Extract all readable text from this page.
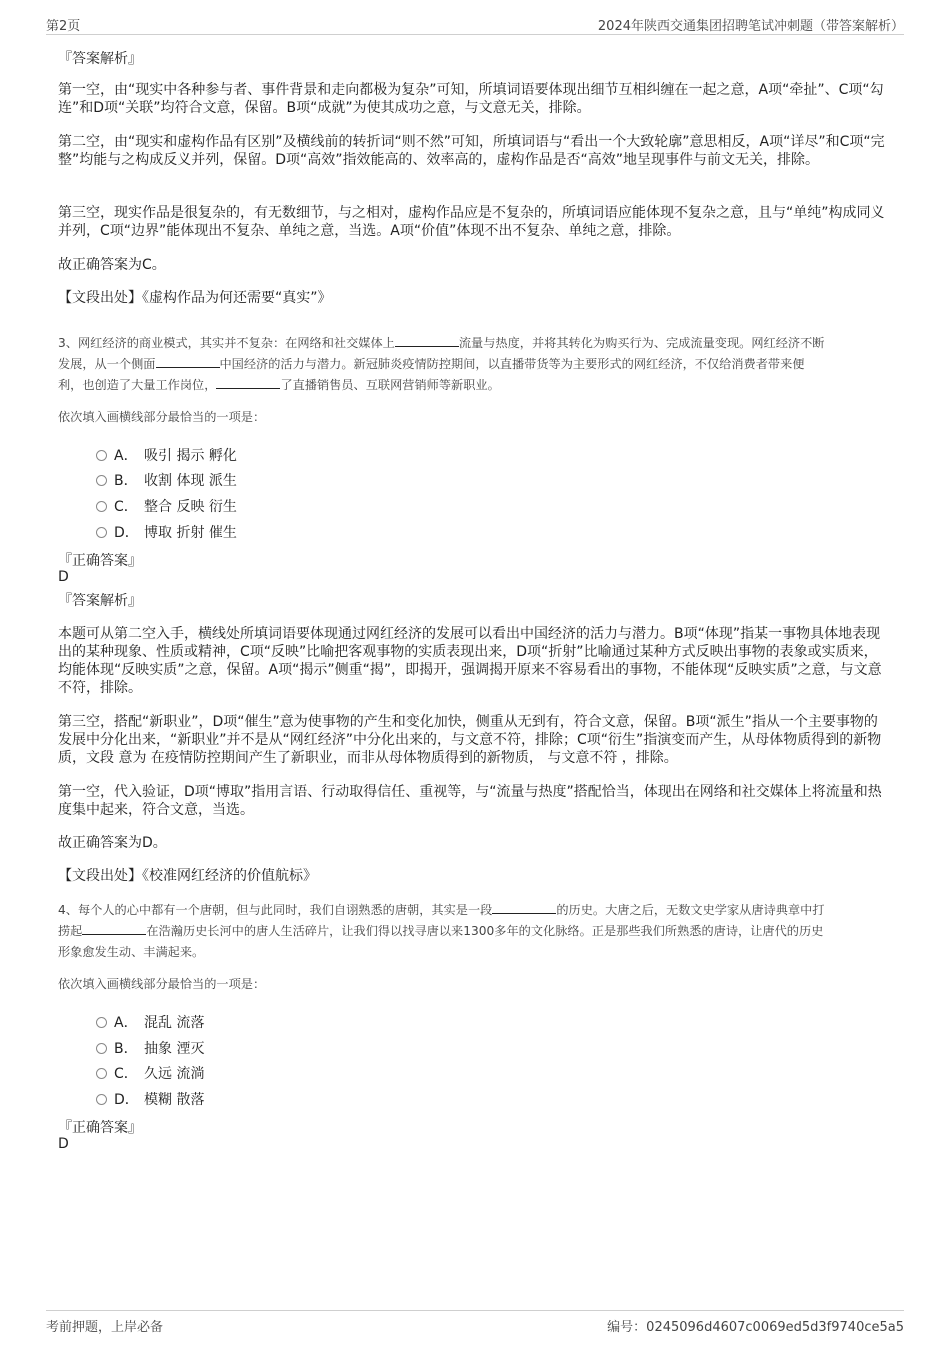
第2页	2024年陕西交通集团招聘笔试冲刺题（带答案解析）
『答案解析』
第一空，由“现实中各种参与者、事件背景和走向都极为复杂”可知，所填词语要体现出细节互相纠缠在一起之意，A项“牵扯”、C项“勾连”和D项“关联”均符合文意，保留。B项“成就”为使其成功之意，与文意无关，排除。
第二空，由“现实和虚构作品有区别”及横线前的转折词“则不然”可知，所填词语与“看出一个大致轮廓”意思相反，A项“详尽”和C项“完整”均能与之构成反义并列，保留。D项“高效”指效能高的、效率高的，虚构作品是否“高效”地呈现事件与前文无关，排除。
第三空，现实作品是很复杂的，有无数细节，与之相对，虚构作品应是不复杂的，所填词语应能体现不复杂之意，且与“单纯”构成同义并列，C项“边界”能体现出不复杂、单纯之意，当选。A项“价值”体现不出不复杂、单纯之意，排除。
故正确答案为C。
【文段出处】《虚构作品为何还需要“真实”》
3、网红经济的商业模式，其实并不复杂：在网络和社交媒体上	流量与热度，并将其转化为购买行为、完成流量变现。网红经济不断
发展，从一个侧面	中国经济的活力与潜力。新冠肺炎疫情防控期间，以直播带货等为主要形式的网红经济，不仅给消费者带来便
利，也创造了大量工作岗位，	了直播销售员、互联网营销师等新职业。
依次填入画横线部分最恰当的一项是：
A． 吸引 揭示 孵化
B． 收割 体现 派生
C． 整合 反映 衍生
D． 博取 折射 催生
『正确答案』
D
『答案解析』
本题可从第二空入手，横线处所填词语要体现通过网红经济的发展可以看出中国经济的活力与潜力。B项“体现”指某一事物具体地表现出的某种现象、性质或精神，C项“反映”比喻把客观事物的实质表现出来，D项“折射”比喻通过某种方式反映出事物的表象或实质来，均能体现“反映实质”之意，保留。A项“揭示”侧重“揭”，即揭开，强调揭开原来不容易看出的事物，不能体现“反映实质”之意，与文意不符，排除。
第三空，搭配“新职业”，D项“催生”意为使事物的产生和变化加快，侧重从无到有，符合文意，保留。B项“派生”指从一个主要事物的发展中分化出来，“新职业”并不是从“网红经济”中分化出来的，与文意不符，排除；C项“衍生”指演变而产生，从母体物质得到的新物质，文段 意为 在疫情防控期间产生了新职业，而非从母体物质得到的新物质， 与文意不符 ，排除。
第一空，代入验证，D项“博取”指用言语、行动取得信任、重视等，与“流量与热度”搭配恰当，体现出在网络和社交媒体上将流量和热度集中起来，符合文意，当选。
故正确答案为D。
【文段出处】《校准网红经济的价值航标》
4、每个人的心中都有一个唐朝，但与此同时，我们自诩熟悉的唐朝，其实是一段	的历史。大唐之后，无数文史学家从唐诗典章中打
捞起	在浩瀚历史长河中的唐人生活碎片，让我们得以找寻唐以来1300多年的文化脉络。正是那些我们所熟悉的唐诗，让唐代的历史
形象愈发生动、丰满起来。
依次填入画横线部分最恰当的一项是：
A． 混乱 流落
B． 抽象 湮灭
C． 久远 流淌
D． 模糊 散落
『正确答案』
D
考前押题，上岸必备	编号：0245096d4607c0069ed5d3f9740ce5a5
